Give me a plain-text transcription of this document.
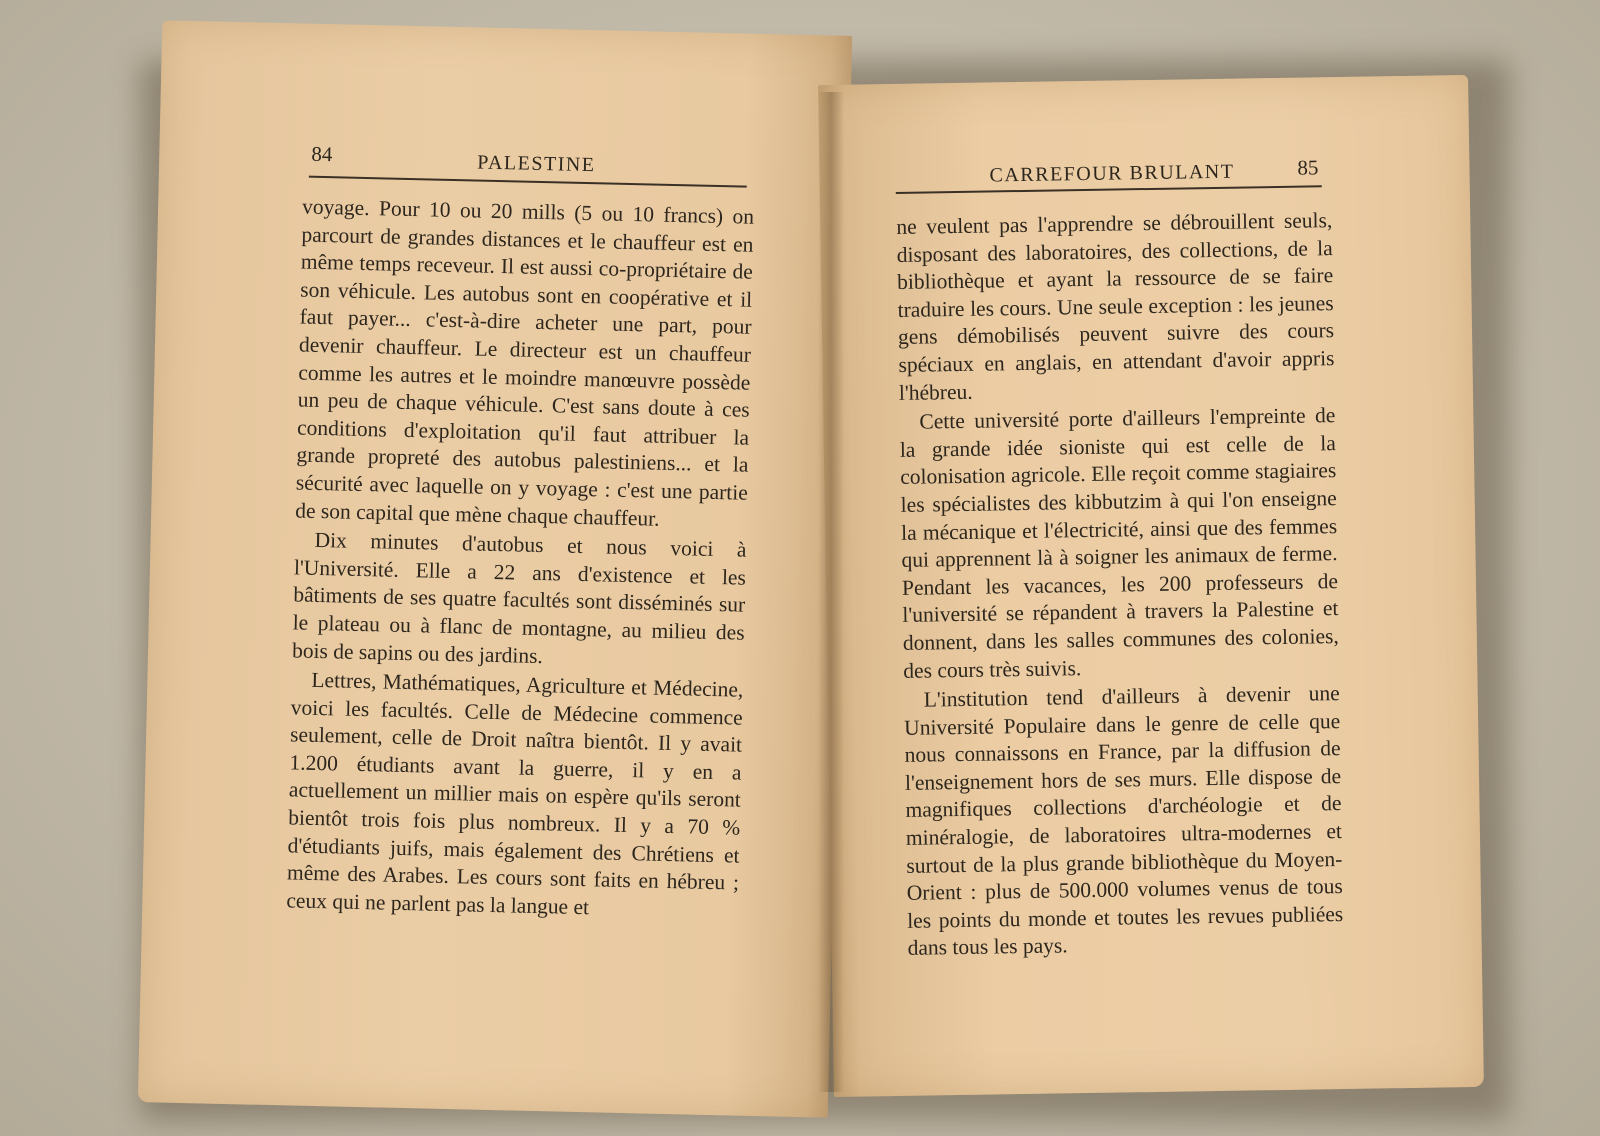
84	PALESTINE

voyage. Pour 10 ou 20 mills (5 ou 10 francs) on parcourt de grandes distances et le chauffeur est en même temps receveur. Il est aussi co-propriétaire de son véhicule. Les autobus sont en coopérative et il faut payer... c'est-à-dire acheter une part, pour devenir chauffeur. Le directeur est un chauffeur comme les autres et le moindre manœuvre possède un peu de chaque véhicule. C'est sans doute à ces conditions d'exploitation qu'il faut attribuer la grande propreté des autobus palestiniens... et la sécurité avec laquelle on y voyage : c'est une partie de son capital que mène chaque chauffeur.

Dix minutes d'autobus et nous voici à l'Université. Elle a 22 ans d'existence et les bâtiments de ses quatre facultés sont disséminés sur le plateau ou à flanc de montagne, au milieu des bois de sapins ou des jardins.

Lettres, Mathématiques, Agriculture et Médecine, voici les facultés. Celle de Médecine commence seulement, celle de Droit naîtra bientôt. Il y avait 1.200 étudiants avant la guerre, il y en a actuellement un millier mais on espère qu'ils seront bientôt trois fois plus nombreux. Il y a 70 % d'étudiants juifs, mais également des Chrétiens et même des Arabes. Les cours sont faits en hébreu ; ceux qui ne parlent pas la langue et

CARREFOUR BRULANT	85

ne veulent pas l'apprendre se débrouillent seuls, disposant des laboratoires, des collections, de la bibliothèque et ayant la ressource de se faire traduire les cours. Une seule exception : les jeunes gens démobilisés peuvent suivre des cours spéciaux en anglais, en attendant d'avoir appris l'hébreu.

Cette université porte d'ailleurs l'empreinte de la grande idée sioniste qui est celle de la colonisation agricole. Elle reçoit comme stagiaires les spécialistes des kibbutzim à qui l'on enseigne la mécanique et l'électricité, ainsi que des femmes qui apprennent là à soigner les animaux de ferme. Pendant les vacances, les 200 professeurs de l'université se répandent à travers la Palestine et donnent, dans les salles communes des colonies, des cours très suivis.

L'institution tend d'ailleurs à devenir une Université Populaire dans le genre de celle que nous connaissons en France, par la diffusion de l'enseignement hors de ses murs. Elle dispose de magnifiques collections d'archéologie et de minéralogie, de laboratoires ultra-modernes et surtout de la plus grande bibliothèque du Moyen-Orient : plus de 500.000 volumes venus de tous les points du monde et toutes les revues publiées dans tous les pays.
